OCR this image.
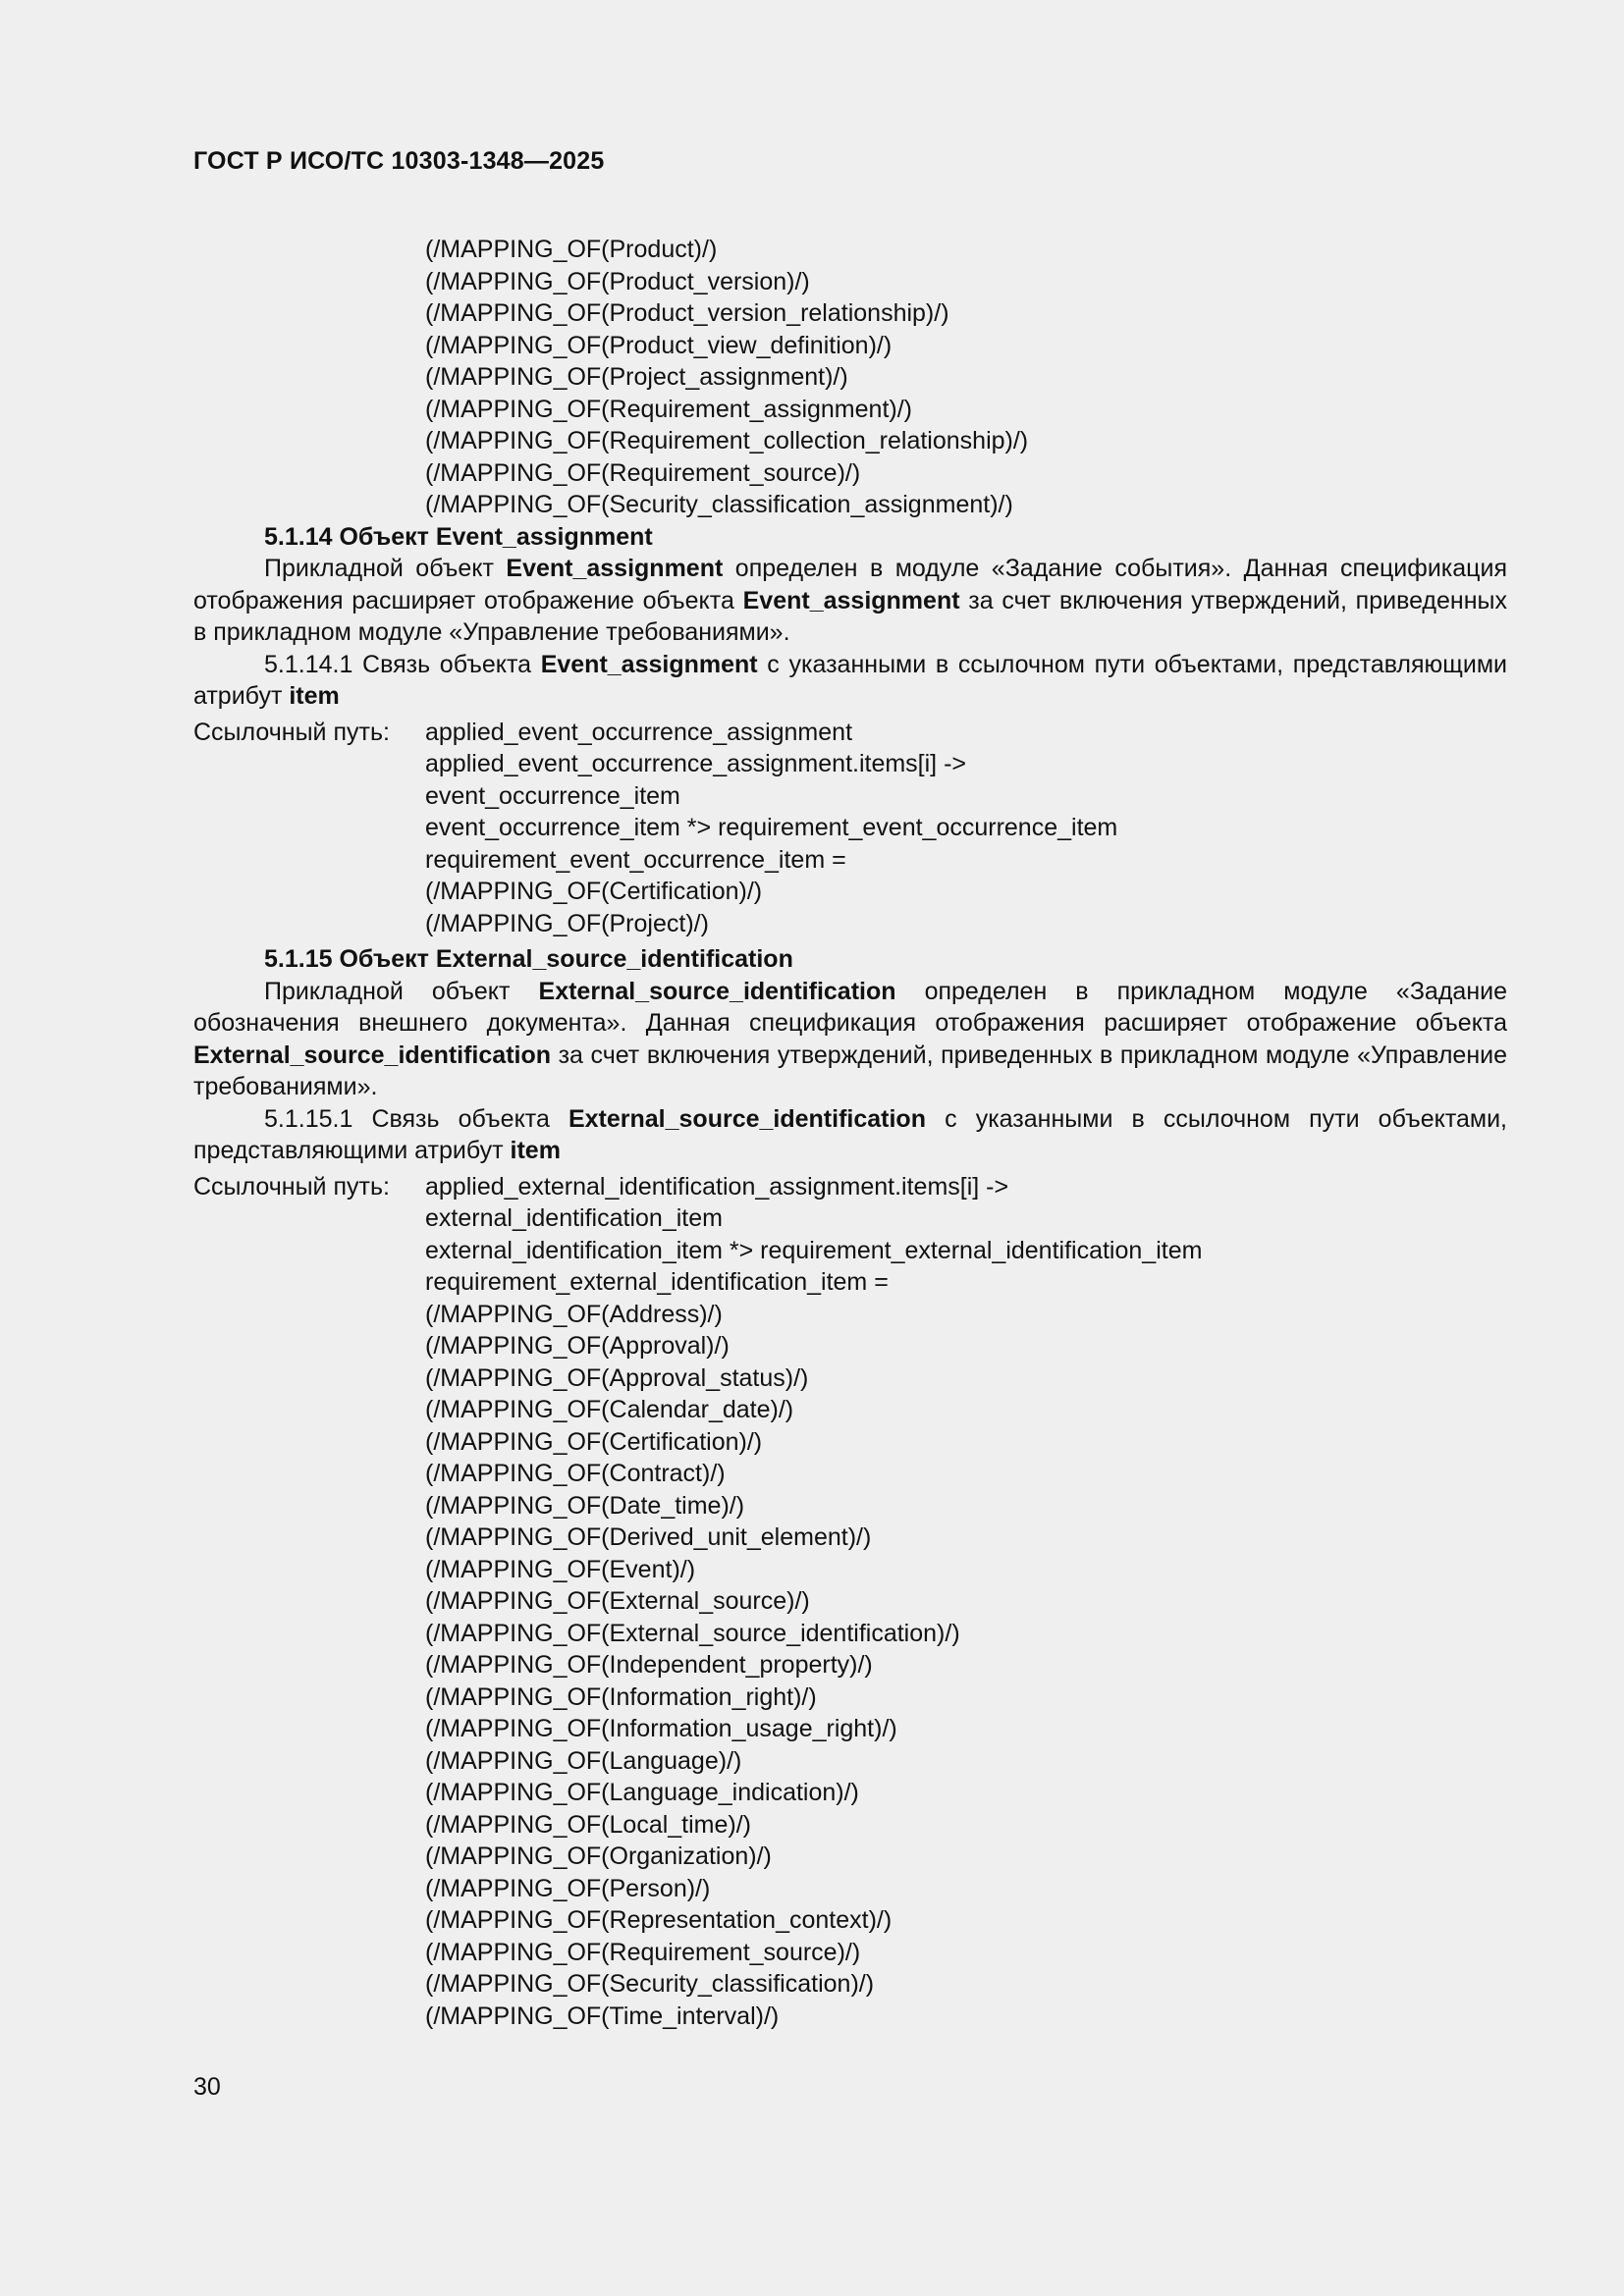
ГОСТ Р ИСО/ТС 10303-1348—2025
(/MAPPING_OF(Product)/)
(/MAPPING_OF(Product_version)/)
(/MAPPING_OF(Product_version_relationship)/)
(/MAPPING_OF(Product_view_definition)/)
(/MAPPING_OF(Project_assignment)/)
(/MAPPING_OF(Requirement_assignment)/)
(/MAPPING_OF(Requirement_collection_relationship)/)
(/MAPPING_OF(Requirement_source)/)
(/MAPPING_OF(Security_classification_assignment)/)
5.1.14 Объект Event_assignment
Прикладной объект Event_assignment определен в модуле «Задание события». Данная спецификация отображения расширяет отображение объекта Event_assignment за счет включения утверждений, приведенных в прикладном модуле «Управление требованиями».
5.1.14.1 Связь объекта Event_assignment с указанными в ссылочном пути объектами, представляющими атрибут item
Ссылочный путь:	applied_event_occurrence_assignment
applied_event_occurrence_assignment.items[i] ->
event_occurrence_item
event_occurrence_item *> requirement_event_occurrence_item
requirement_event_occurrence_item =
(/MAPPING_OF(Certification)/)
(/MAPPING_OF(Project)/)
5.1.15 Объект External_source_identification
Прикладной объект External_source_identification определен в прикладном модуле «Задание обозначения внешнего документа». Данная спецификация отображения расширяет отображение объекта External_source_identification за счет включения утверждений, приведенных в прикладном модуле «Управление требованиями».
5.1.15.1 Связь объекта External_source_identification с указанными в ссылочном пути объектами, представляющими атрибут item
Ссылочный путь:	applied_external_identification_assignment.items[i] ->
external_identification_item
external_identification_item *> requirement_external_identification_item
requirement_external_identification_item =
(/MAPPING_OF(Address)/)
(/MAPPING_OF(Approval)/)
(/MAPPING_OF(Approval_status)/)
(/MAPPING_OF(Calendar_date)/)
(/MAPPING_OF(Certification)/)
(/MAPPING_OF(Contract)/)
(/MAPPING_OF(Date_time)/)
(/MAPPING_OF(Derived_unit_element)/)
(/MAPPING_OF(Event)/)
(/MAPPING_OF(External_source)/)
(/MAPPING_OF(External_source_identification)/)
(/MAPPING_OF(Independent_property)/)
(/MAPPING_OF(Information_right)/)
(/MAPPING_OF(Information_usage_right)/)
(/MAPPING_OF(Language)/)
(/MAPPING_OF(Language_indication)/)
(/MAPPING_OF(Local_time)/)
(/MAPPING_OF(Organization)/)
(/MAPPING_OF(Person)/)
(/MAPPING_OF(Representation_context)/)
(/MAPPING_OF(Requirement_source)/)
(/MAPPING_OF(Security_classification)/)
(/MAPPING_OF(Time_interval)/)
30
